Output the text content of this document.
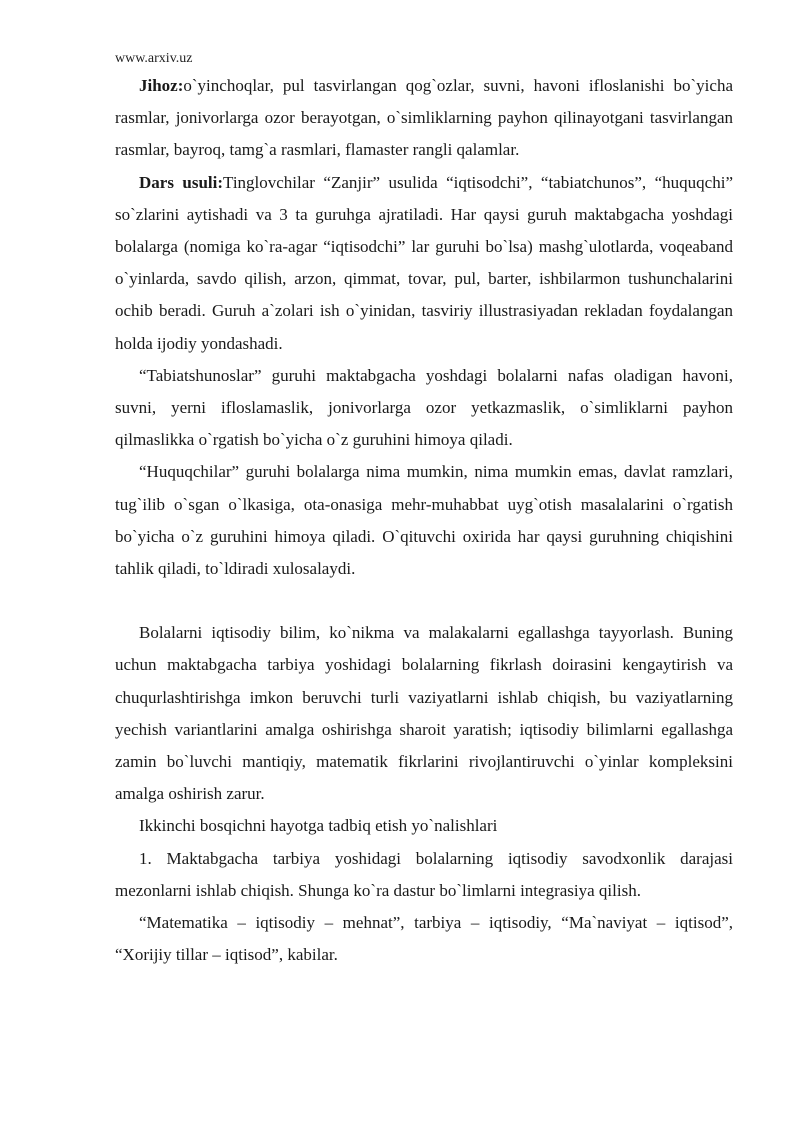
www.arxiv.uz

Jihoz:o`yinchoqlar, pul tasvirlangan qog`ozlar, suvni, havoni ifloslanishi bo`yicha rasmlar, jonivorlarga ozor berayotgan, o`simliklarning payhon qilinayotgani tasvirlangan rasmlar, bayroq, tamg`a rasmlari, flamaster rangli qalamlar.

Dars usuli:Tinglovchilar “Zanjir” usulida “iqtisodchi”, “tabiatchunos”, “huquqchi” so`zlarini aytishadi va 3 ta guruhga ajratiladi. Har qaysi guruh maktabgacha yoshdagi bolalarga (nomiga ko`ra-agar “iqtisodchi” lar guruhi bo`lsa) mashg`ulotlarda, voqeaband o`yinlarda, savdo qilish, arzon, qimmat, tovar, pul, barter, ishbilarmon tushunchalarini ochib beradi. Guruh a`zolari ish o`yinidan, tasviriy illustrasiyadan rekladan foydalangan holda ijodiy yondashadi.

“Tabiatshunoslar” guruhi maktabgacha yoshdagi bolalarni nafas oladigan havoni, suvni, yerni ifloslamaslik, jonivorlarga ozor yetkazmaslik, o`simliklarni payhon qilmaslikka o`rgatish bo`yicha o`z guruhini himoya qiladi.

“Huquqchilar” guruhi bolalarga nima mumkin, nima mumkin emas, davlat ramzlari, tug`ilib o`sgan o`lkasiga, ota-onasiga mehr-muhabbat uyg`otish masalalarini o`rgatish bo`yicha o`z guruhini himoya qiladi. O`qituvchi oxirida har qaysi guruhning chiqishini tahlik qiladi, to`ldiradi xulosalaydi.

Bolalarni iqtisodiy bilim, ko`nikma va malakalarni egallashga tayyorlash. Buning uchun maktabgacha tarbiya yoshidagi bolalarning fikrlash doirasini kengaytirish va chuqurlashtirishga imkon beruvchi turli vaziyatlarni ishlab chiqish, bu vaziyatlarning yechish variantlarini amalga oshirishga sharoit yaratish; iqtisodiy bilimlarni egallashga zamin bo`luvchi mantiqiy, matematik fikrlarini rivojlantiruvchi o`yinlar kompleksini amalga oshirish zarur.

Ikkinchi bosqichni hayotga tadbiq etish yo`nalishlari

1. Maktabgacha tarbiya yoshidagi bolalarning iqtisodiy savodxonlik darajasi mezonlarni ishlab chiqish. Shunga ko`ra dastur bo`limlarni integrasiya qilish.

“Matematika – iqtisodiy – mehnat”, tarbiya – iqtisodiy, “Ma`naviyat – iqtisod”, “Xorijiy tillar – iqtisod”, kabilar.
